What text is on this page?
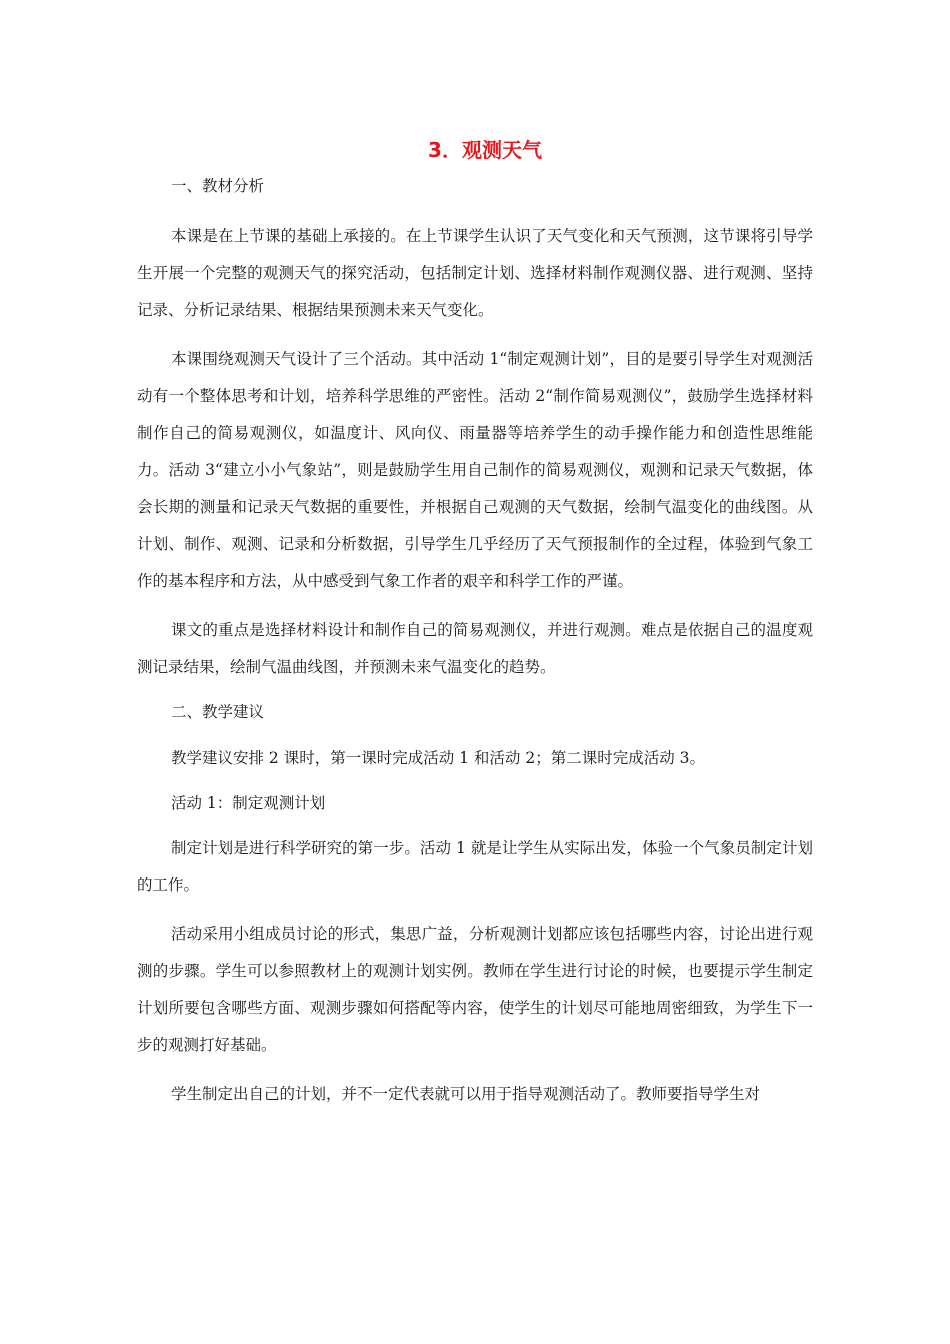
3．观测天气

一、教材分析

本课是在上节课的基础上承接的。在上节课学生认识了天气变化和天气预测，这节课将引导学生开展一个完整的观测天气的探究活动，包括制定计划、选择材料制作观测仪器、进行观测、坚持记录、分析记录结果、根据结果预测未来天气变化。

本课围绕观测天气设计了三个活动。其中活动 1“制定观测计划”，目的是要引导学生对观测活动有一个整体思考和计划，培养科学思维的严密性。活动 2“制作简易观测仪”，鼓励学生选择材料制作自己的简易观测仪，如温度计、风向仪、雨量器等培养学生的动手操作能力和创造性思维能力。活动 3“建立小小气象站”，则是鼓励学生用自己制作的简易观测仪，观测和记录天气数据，体会长期的测量和记录天气数据的重要性，并根据自己观测的天气数据，绘制气温变化的曲线图。从计划、制作、观测、记录和分析数据，引导学生几乎经历了天气预报制作的全过程，体验到气象工作的基本程序和方法，从中感受到气象工作者的艰辛和科学工作的严谨。

课文的重点是选择材料设计和制作自己的简易观测仪，并进行观测。难点是依据自己的温度观测记录结果，绘制气温曲线图，并预测未来气温变化的趋势。

二、教学建议

教学建议安排 2 课时，第一课时完成活动 1 和活动 2；第二课时完成活动 3。

活动 1：制定观测计划

制定计划是进行科学研究的第一步。活动 1 就是让学生从实际出发，体验一个气象员制定计划的工作。

活动采用小组成员讨论的形式，集思广益，分析观测计划都应该包括哪些内容，讨论出进行观测的步骤。学生可以参照教材上的观测计划实例。教师在学生进行讨论的时候，也要提示学生制定计划所要包含哪些方面、观测步骤如何搭配等内容，使学生的计划尽可能地周密细致，为学生下一步的观测打好基础。

学生制定出自己的计划，并不一定代表就可以用于指导观测活动了。教师要指导学生对
